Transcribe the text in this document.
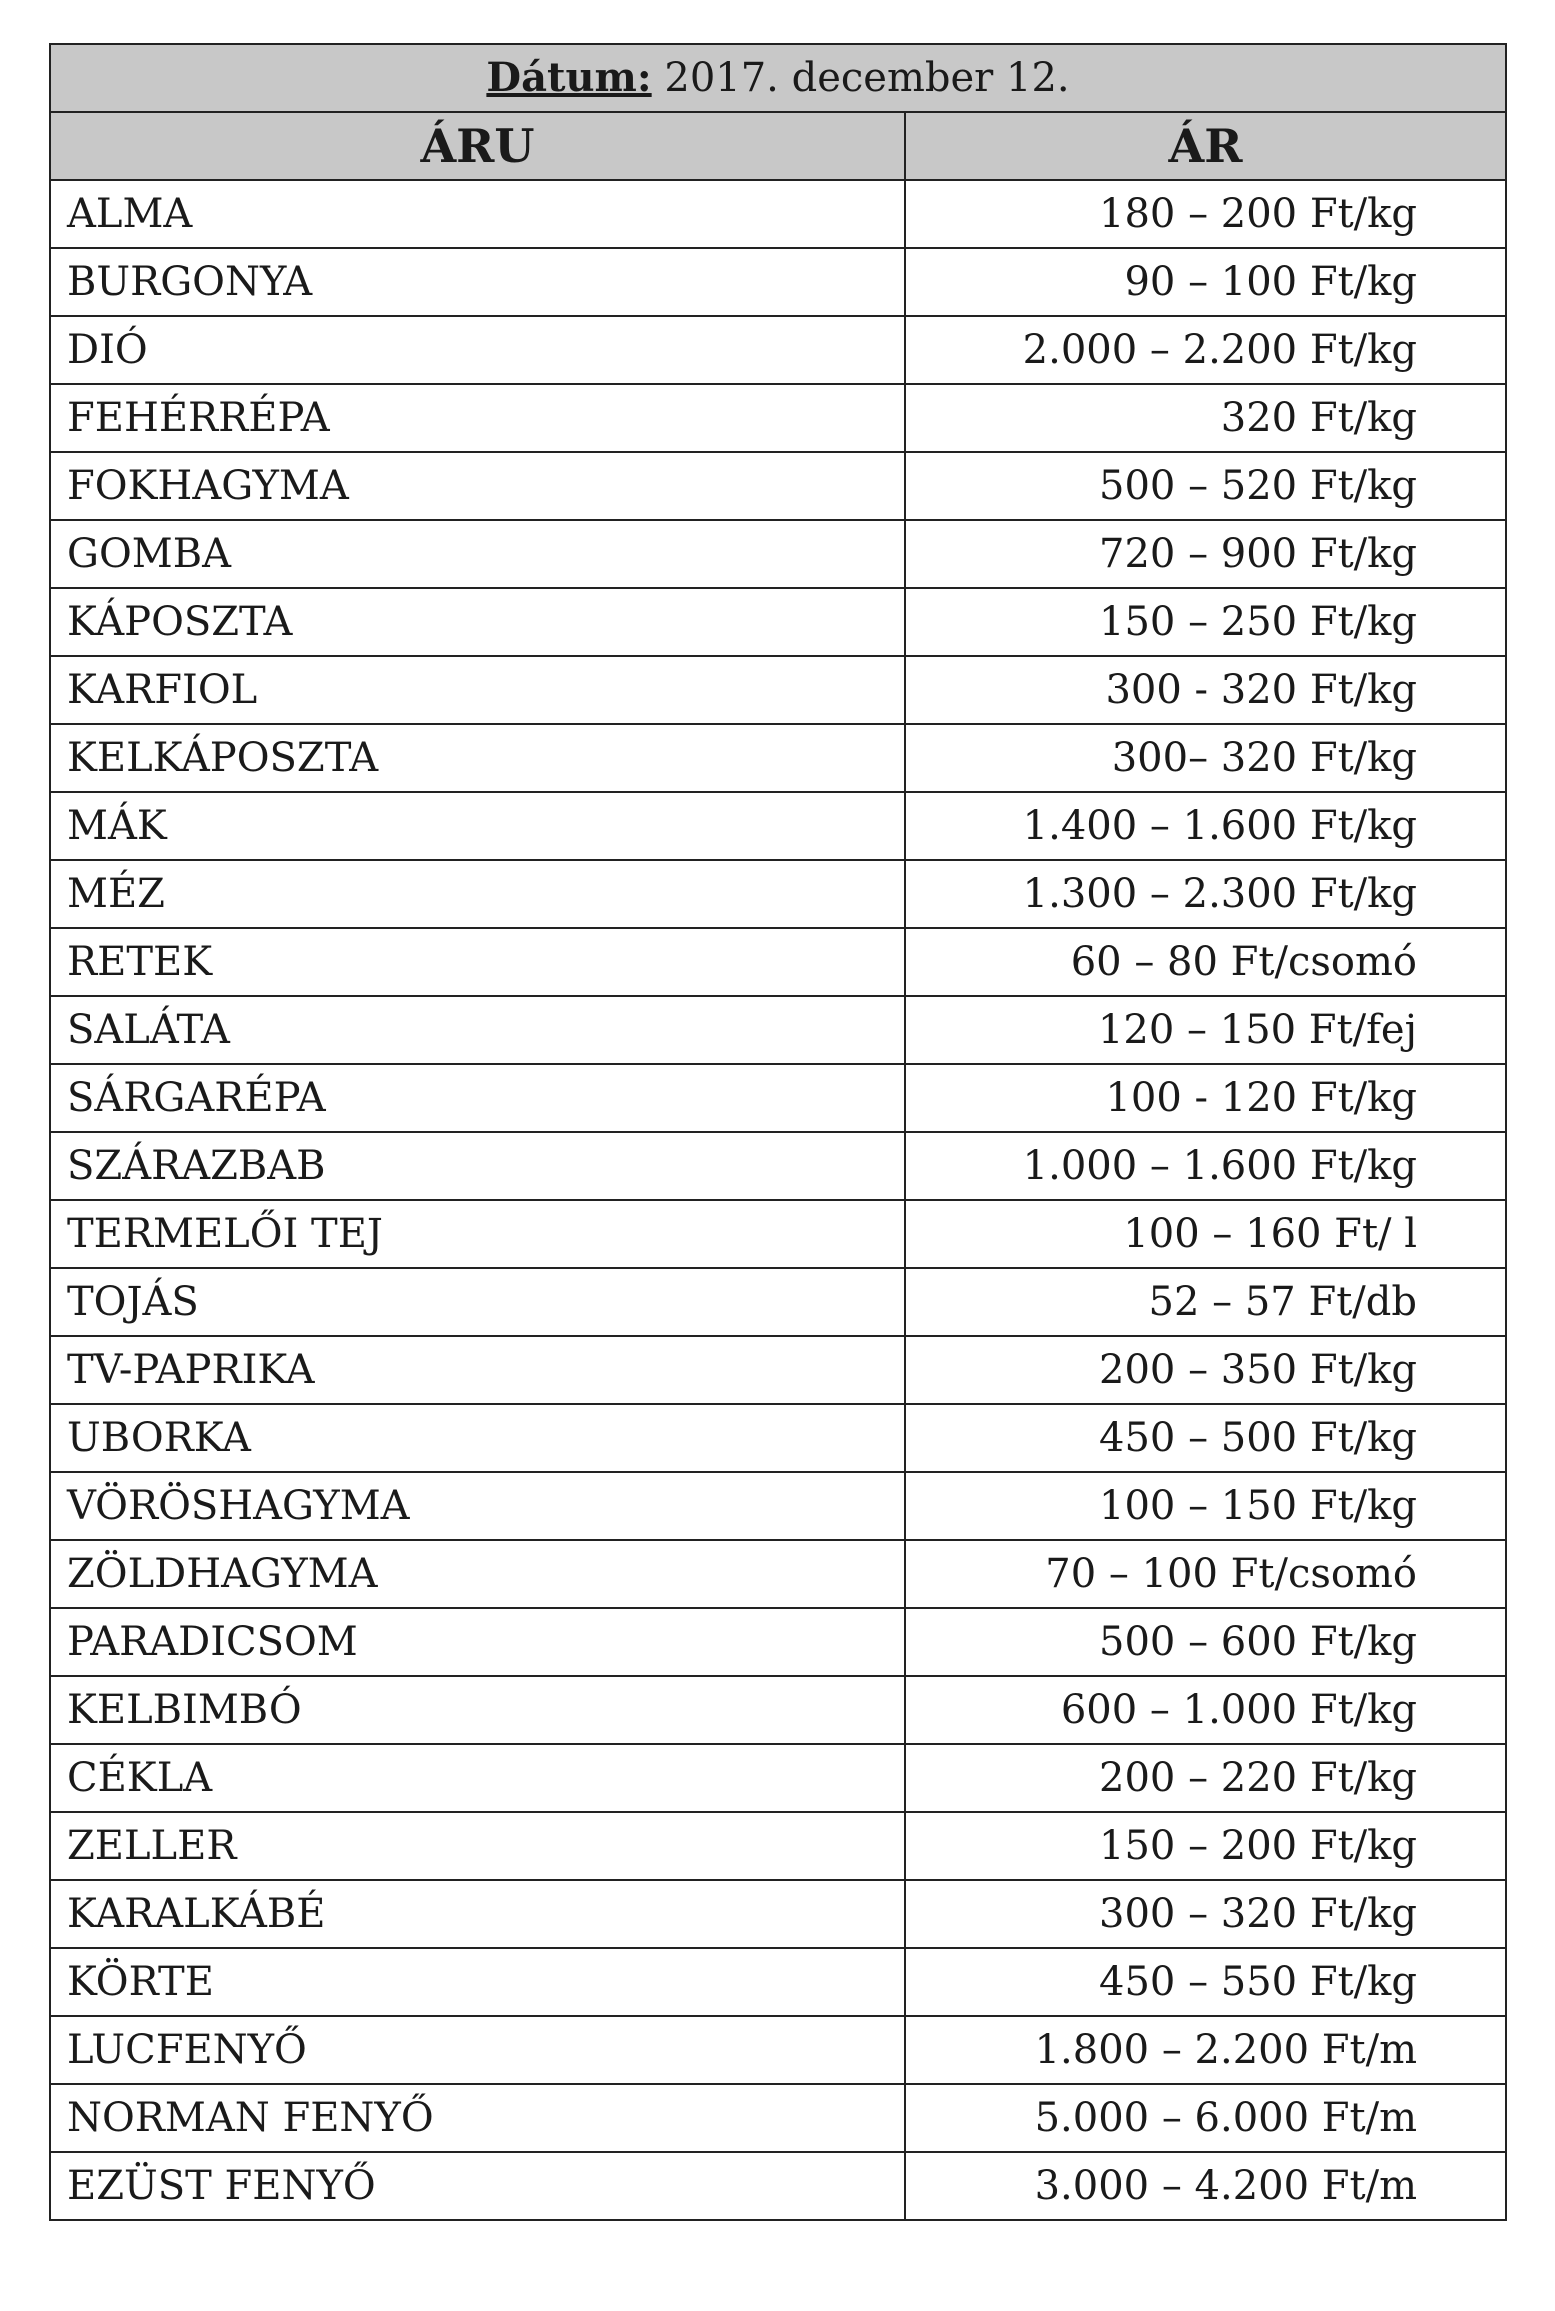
Dátum: 2017. december 12.	
ÁRU	ÁR
ALMA	180 – 200 Ft/kg
BURGONYA	90 – 100 Ft/kg
DIÓ	2.000 – 2.200 Ft/kg
FEHÉRRÉPA	320 Ft/kg
FOKHAGYMA	500 – 520 Ft/kg
GOMBA	720 – 900 Ft/kg
KÁPOSZTA	150 – 250 Ft/kg
KARFIOL	300 - 320 Ft/kg
KELKÁPOSZTA	300– 320 Ft/kg
MÁK	1.400 – 1.600 Ft/kg
MÉZ	1.300 – 2.300 Ft/kg
RETEK	60 – 80 Ft/csomó
SALÁTA	120 – 150 Ft/fej
SÁRGARÉPA	100 - 120 Ft/kg
SZÁRAZBAB	1.000 – 1.600 Ft/kg
TERMELŐI TEJ	100 – 160 Ft/ l
TOJÁS	52 – 57 Ft/db
TV-PAPRIKA	200 – 350 Ft/kg
UBORKA	450 – 500 Ft/kg
VÖRÖSHAGYMA	100 – 150 Ft/kg
ZÖLDHAGYMA	70 – 100 Ft/csomó
PARADICSOM	500 – 600 Ft/kg
KELBIMBÓ	600 – 1.000 Ft/kg
CÉKLA	200 – 220 Ft/kg
ZELLER	150 – 200 Ft/kg
KARALKÁBÉ	300 – 320 Ft/kg
KÖRTE	450 – 550 Ft/kg
LUCFENYŐ	1.800 – 2.200 Ft/m
NORMAN FENYŐ	5.000 – 6.000 Ft/m
EZÜST FENYŐ	3.000 – 4.200 Ft/m
